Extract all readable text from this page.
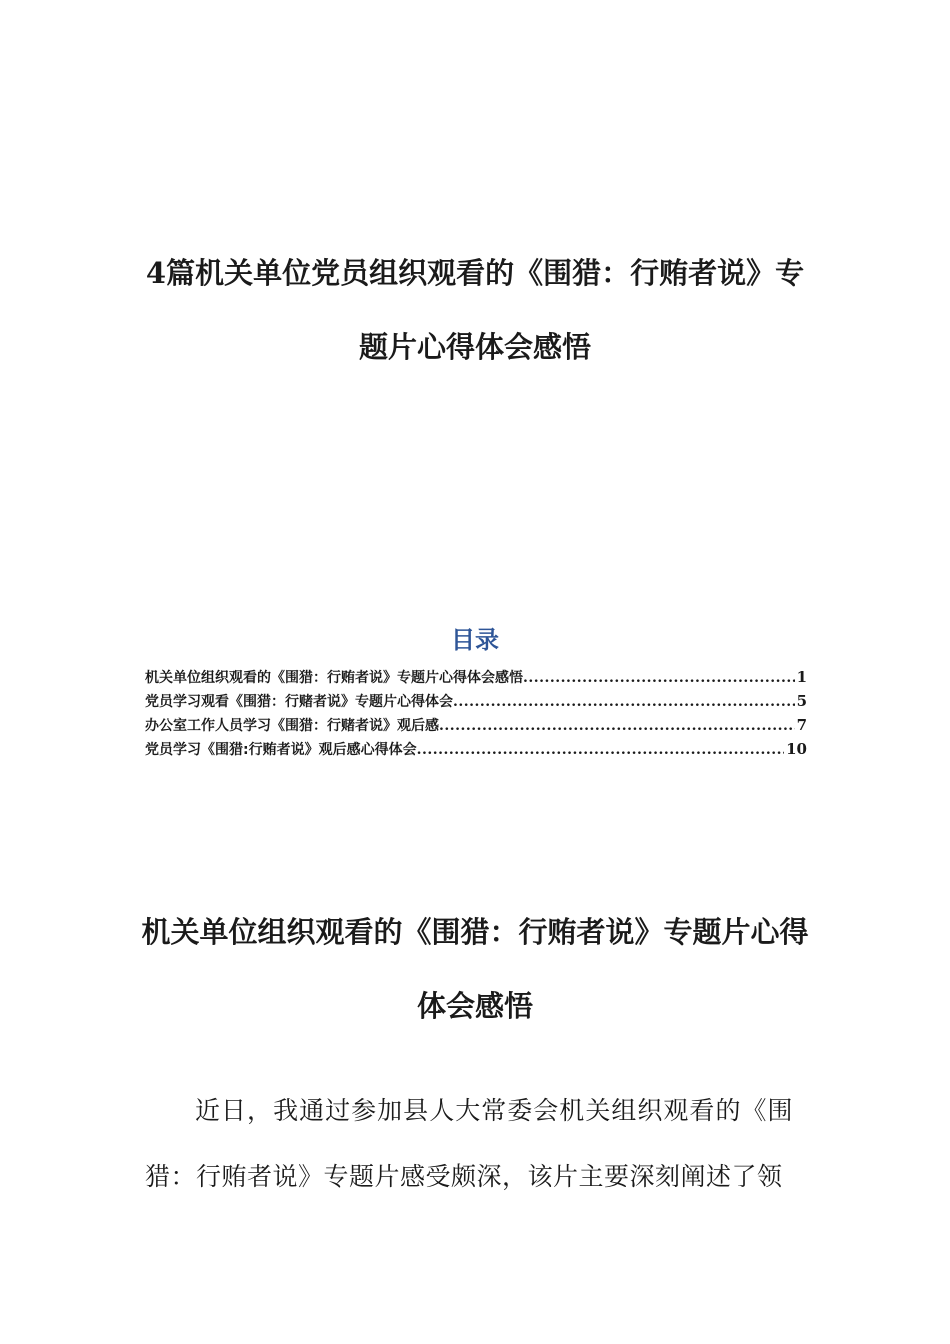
4篇机关单位党员组织观看的《围猎：行贿者说》专题片心得体会感悟
目录
机关单位组织观看的《围猎：行贿者说》专题片心得体会感悟 .....	1
党员学习观看《围猎：行赌者说》专题片心得体会 .....	5
办公室工作人员学习《围猎：行赌者说》观后感 .....	7
党员学习《围猎:行贿者说》观后感心得体会 .....	10
机关单位组织观看的《围猎：行贿者说》专题片心得体会感悟

近日，我通过参加县人大常委会机关组织观看的《围猎：行贿者说》专题片感受颇深，该片主要深刻阐述了领
